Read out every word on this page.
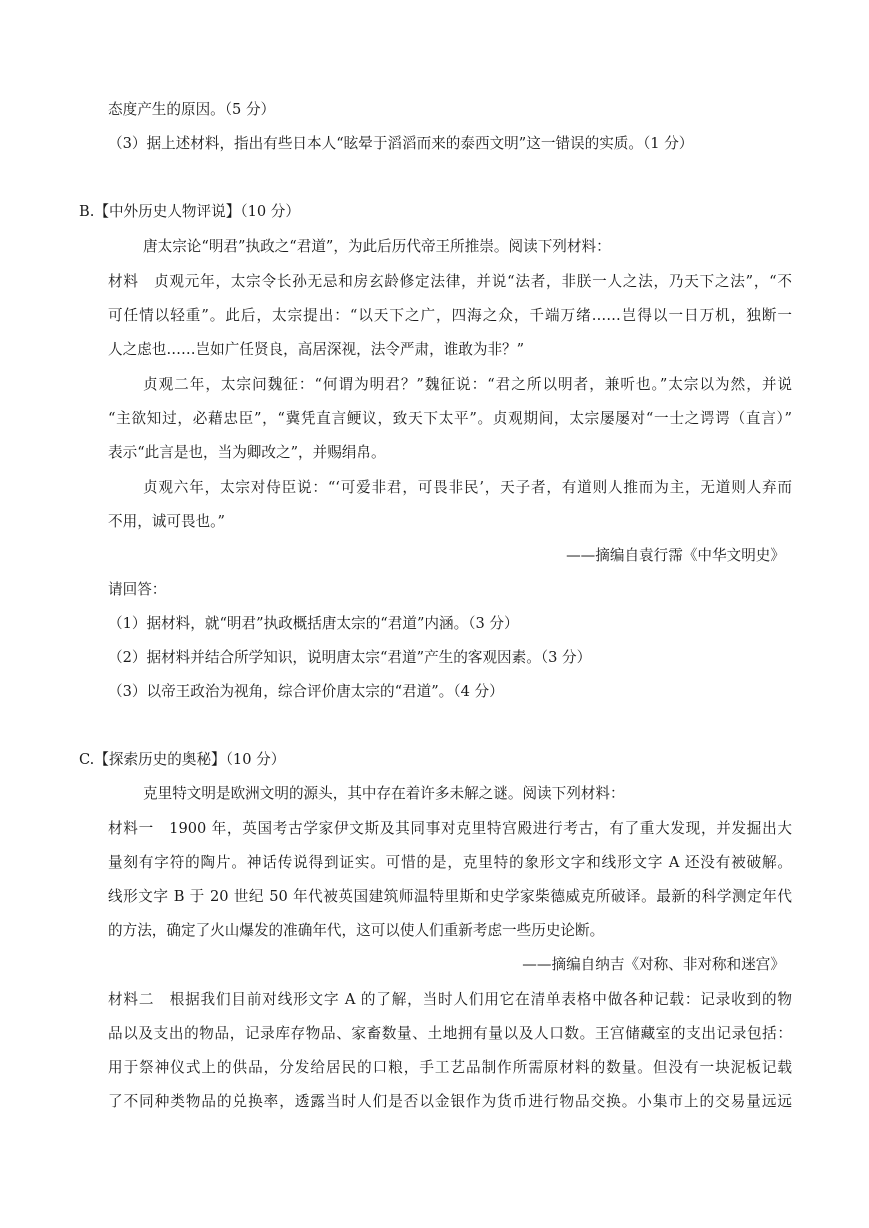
态度产生的原因。（5 分）
（3）据上述材料，指出有些日本人“眩晕于滔滔而来的泰西文明”这一错误的实质。（1 分）
B.【中外历史人物评说】（10 分）
唐太宗论“明君”执政之“君道”，为此后历代帝王所推崇。阅读下列材料：
材料　贞观元年，太宗令长孙无忌和房玄龄修定法律，并说“法者，非朕一人之法，乃天下之法”，“不
可任情以轻重”。此后，太宗提出：“以天下之广，四海之众，千端万绪……岂得以一日万机，独断一
人之虑也……岂如广任贤良，高居深视，法令严肃，谁敢为非？”
贞观二年，太宗问魏征：“何谓为明君？”魏征说：“君之所以明者，兼听也。”太宗以为然，并说
“主欲知过，必藉忠臣”，“冀凭直言鲠议，致天下太平”。贞观期间，太宗屡屡对“一士之谔谔（直言）”
表示“此言是也，当为卿改之”，并赐绢帛。
贞观六年，太宗对侍臣说：“‘可爱非君，可畏非民’，天子者，有道则人推而为主，无道则人弃而
不用，诚可畏也。”
——摘编自袁行霈《中华文明史》
请回答：
（1）据材料，就“明君”执政概括唐太宗的“君道”内涵。（3 分）
（2）据材料并结合所学知识，说明唐太宗“君道”产生的客观因素。（3 分）
（3）以帝王政治为视角，综合评价唐太宗的“君道”。（4 分）
C.【探索历史的奥秘】（10 分）
克里特文明是欧洲文明的源头，其中存在着许多未解之谜。阅读下列材料：
材料一　1900 年，英国考古学家伊文斯及其同事对克里特宫殿进行考古，有了重大发现，并发掘出大
量刻有字符的陶片。神话传说得到证实。可惜的是，克里特的象形文字和线形文字 A 还没有被破解。
线形文字 B 于 20 世纪 50 年代被英国建筑师温特里斯和史学家柴德威克所破译。最新的科学测定年代
的方法，确定了火山爆发的准确年代，这可以使人们重新考虑一些历史论断。
——摘编自纳吉《对称、非对称和迷宫》
材料二　根据我们目前对线形文字 A 的了解，当时人们用它在清单表格中做各种记载：记录收到的物
品以及支出的物品，记录库存物品、家畜数量、土地拥有量以及人口数。王宫储藏室的支出记录包括：
用于祭神仪式上的供品，分发给居民的口粮，手工艺品制作所需原材料的数量。但没有一块泥板记载
了不同种类物品的兑换率，透露当时人们是否以金银作为货币进行物品交换。小集市上的交易量远远
